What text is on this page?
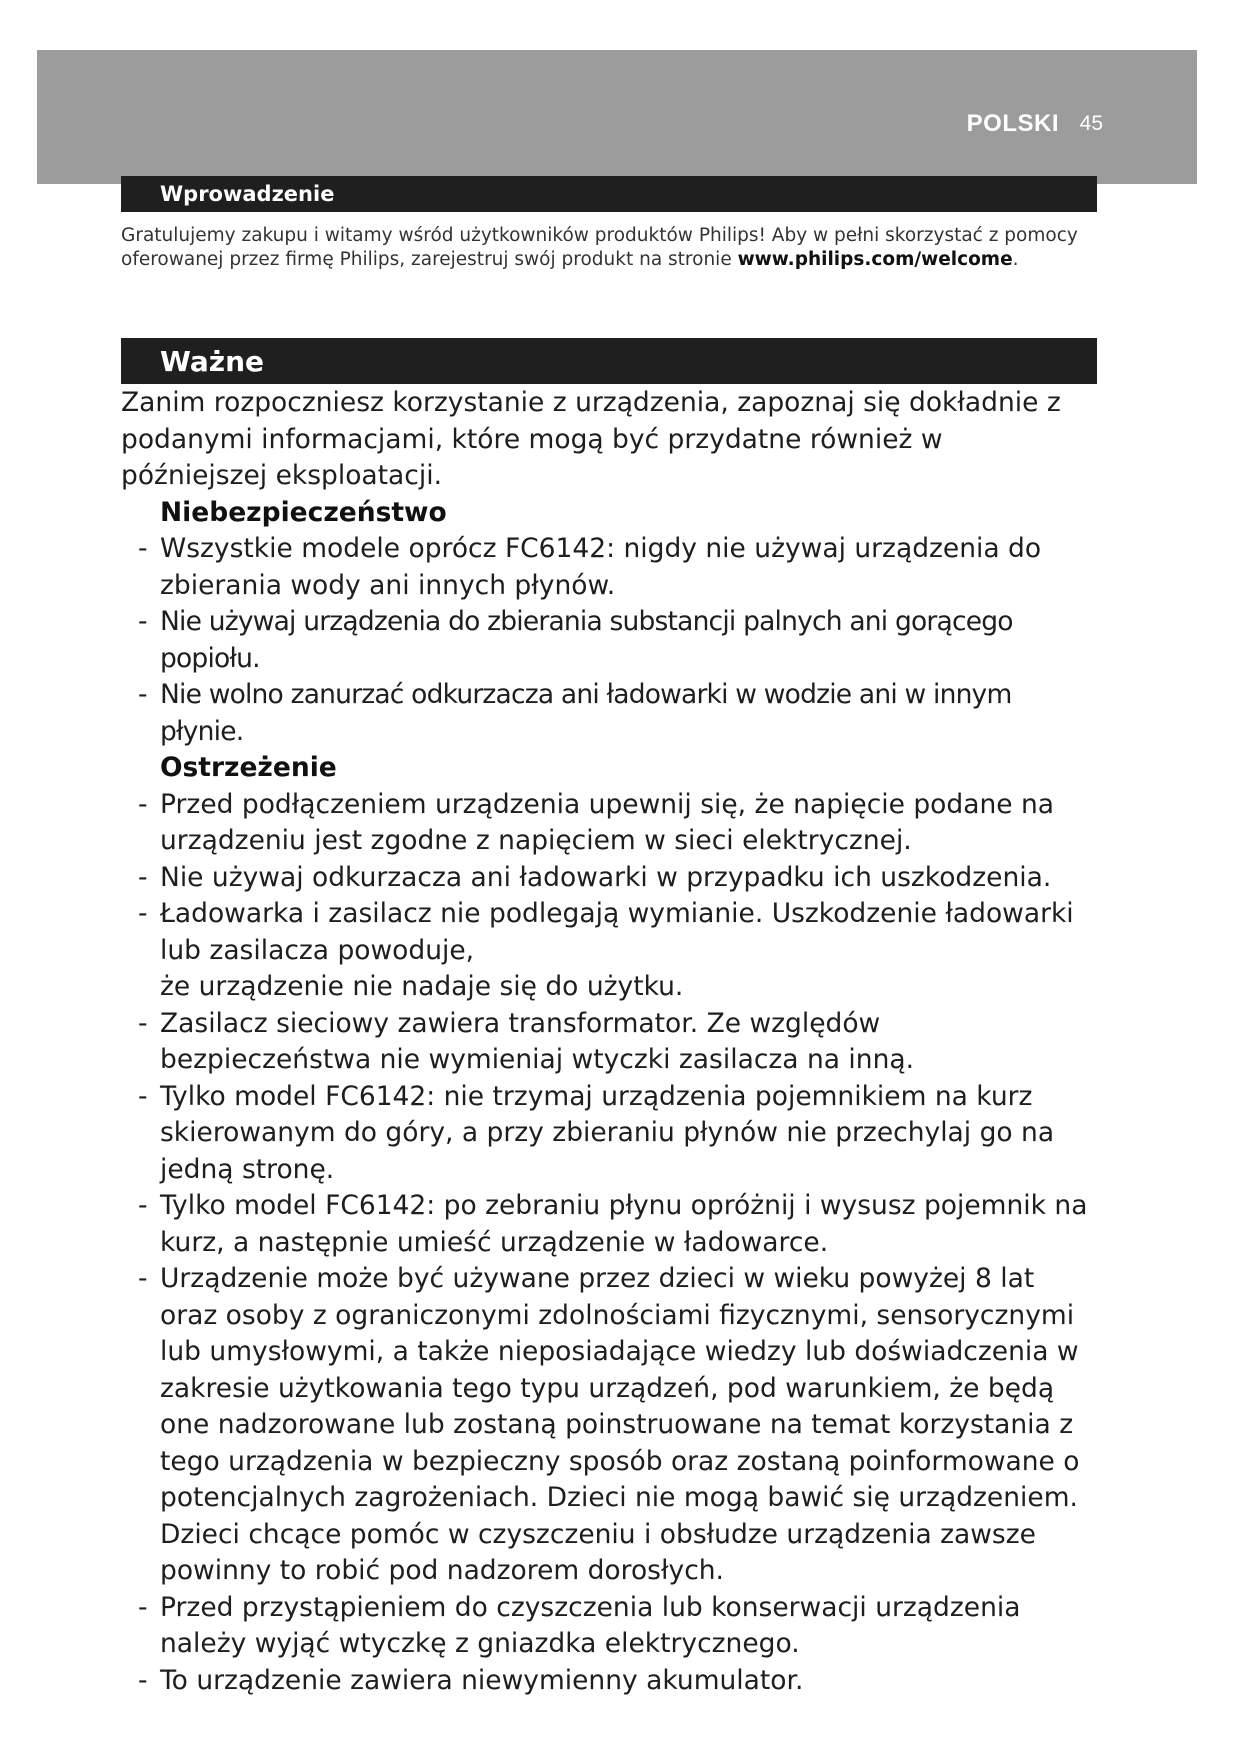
POLSKI 45
Wprowadzenie

Gratulujemy zakupu i witamy wśród użytkowników produktów Philips! Aby w pełni skorzystać z pomocy oferowanej przez firmę Philips, zarejestruj swój produkt na stronie www.philips.com/welcome.

Ważne

Zanim rozpoczniesz korzystanie z urządzenia, zapoznaj się dokładnie z podanymi informacjami, które mogą być przydatne również w późniejszej eksploatacji.

Niebezpieczeństwo

- Wszystkie modele oprócz FC6142: nigdy nie używaj urządzenia do zbierania wody ani innych płynów.
- Nie używaj urządzenia do zbierania substancji palnych ani gorącego popiołu.
- Nie wolno zanurzać odkurzacza ani ładowarki w wodzie ani w innym płynie.

Ostrzeżenie

- Przed podłączeniem urządzenia upewnij się, że napięcie podane na urządzeniu jest zgodne z napięciem w sieci elektrycznej.
- Nie używaj odkurzacza ani ładowarki w przypadku ich uszkodzenia.
- Ładowarka i zasilacz nie podlegają wymianie. Uszkodzenie ładowarki lub zasilacza powoduje,
że urządzenie nie nadaje się do użytku.
- Zasilacz sieciowy zawiera transformator. Ze względów bezpieczeństwa nie wymieniaj wtyczki zasilacza na inną.
- Tylko model FC6142: nie trzymaj urządzenia pojemnikiem na kurz skierowanym do góry, a przy zbieraniu płynów nie przechylaj go na jedną stronę.
- Tylko model FC6142: po zebraniu płynu opróżnij i wysusz pojemnik na kurz, a następnie umieść urządzenie w ładowarce.
- Urządzenie może być używane przez dzieci w wieku powyżej 8 lat oraz osoby z ograniczonymi zdolnościami fizycznymi, sensorycznymi lub umysłowymi, a także nieposiadające wiedzy lub doświadczenia w zakresie użytkowania tego typu urządzeń, pod warunkiem, że będą one nadzorowane lub zostaną poinstruowane na temat korzystania z tego urządzenia w bezpieczny sposób oraz zostaną poinformowane o potencjalnych zagrożeniach. Dzieci nie mogą bawić się urządzeniem. Dzieci chcące pomóc w czyszczeniu i obsłudze urządzenia zawsze powinny to robić pod nadzorem dorosłych.
- Przed przystąpieniem do czyszczenia lub konserwacji urządzenia należy wyjąć wtyczkę z gniazdka elektrycznego.
- To urządzenie zawiera niewymienny akumulator.
